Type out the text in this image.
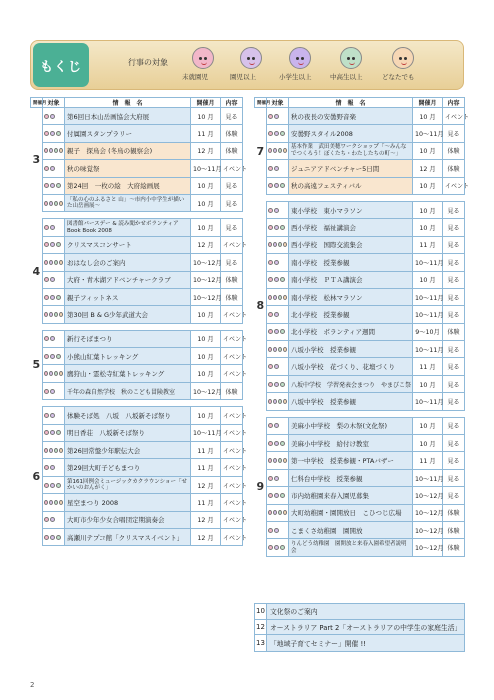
もくじ	行事の対象
未就園児	園児以上	小学生以上	中高生以上	どなたでも
開催月	対象	情　報　名	開催月	内容
3		第6回日本山岳画協会大府展	10 月	見る

		付属園スタンプラリー	11 月	体験

		親子　探鳥会 (冬鳥の観察会)	12 月	体験

		秋の味覚祭	10〜11月	イベント

		第24回　一枚の絵　大府絵画展	10 月	見る

		「私の心のふるさと 山」〜市内小中学生が描いた山岳画展〜	10 月	見る

4		図書館バースデー & 読み聞かせボランティア Book Book 2008	10 月	見る

		クリスマスコンサート	12 月	イベント

		おはなし会のご案内	10〜12月	見る

		大府・青木湖アドベンチャークラブ	10〜12月	体験

		親子フィットネス	10〜12月	体験

		第30回 B & G少年武道大会	10 月	イベント

5		新行そばまつり	10 月	イベント

		小熊山紅葉トレッキング	10 月	イベント

		鷹狩山・霊松寺紅葉トレッキング	10 月	イベント

		千年の森自然学校　秋のこども冒険教室	10〜12月	体験

6		体験そば処　八坂　八坂新そば祭り	10 月	イベント

		明日香荘　八坂新そば祭り	10〜11月	イベント

		第26回常盤少年駅伝大会	11 月	イベント

		第29回大町子どもまつり	11 月	イベント

		第161回例会ミュージックカクラウンショー「せかいのおんがく」	12 月	イベント

		星空まつり 2008	11 月	イベント

		大町市少年少女合唱団定期演奏会	12 月	イベント

		高瀬川テプコ館「クリスマスイベント」	12 月	イベント
開催月	対象	情　報　名	開催月	内容
7		秋の夜長の安曇野音楽	10 月	イベント

		安曇野スタイル2008	10〜11月	見る

		基本作業　武田美穂ワークショップ「〜みんなでつくろう！ぼくたち・わたしたちの町〜」	10 月	体験

		ジュニアアドベンチャー5日間	12 月	体験

		秋の高遠フェスティバル	10 月	イベント

8		東小学校　東小マラソン	10 月	見る

		西小学校　福祉講演会	10 月	見る

		西小学校　国際交流集会	11 月	見る

		南小学校　授業参観	10〜11月	見る

		南小学校　ＰＴＡ講演会	10 月	見る

		南小学校　松林マラソン	10〜11月	見る

		北小学校　授業参観	10〜11月	見る

		北小学校　ボランティア週間	9〜10月	体験

		八坂小学校　授業参観	10〜11月	見る

		八坂小学校　花づくり、花壇づくり	11 月	見る

		八坂中学校　学習発表会まつり　やまびこ祭	10 月	見る

		八坂中学校　授業参観	10〜11月	見る

9		美麻小中学校　梨の木祭(文化祭)	10 月	見る

		美麻小中学校　給付け教室	10 月	見る

		第一中学校　授業参観・PTAバザー	11 月	見る

		仁科台中学校　授業参観	10〜11月	見る

		市内幼稚園来春入園児募集	10〜12月	見る

		大町幼稚園・園開放日　こひつじ広場	10〜12月	体験

		こまくさ幼稚園　園開放	10〜12月	体験

		りんどう幼稚園　園開放と来春入園希望者説明会	10〜12月	体験
10 文化祭のご案内
12 オーストラリア Part 2「オーストラリアの中学生の家庭生活」
13 「地域子育てセミナー」開催 !!
2
